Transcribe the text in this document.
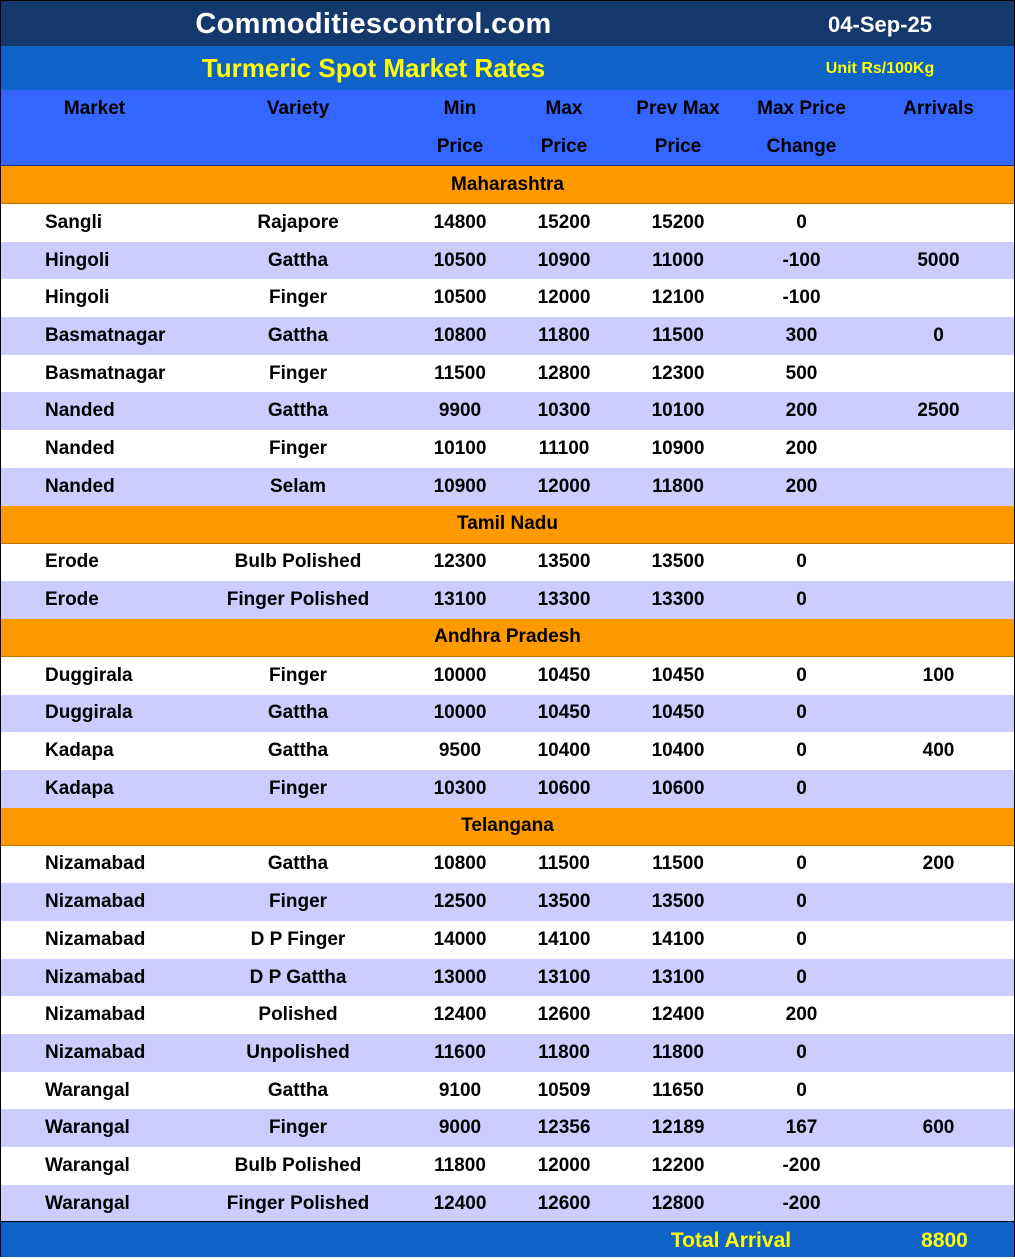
Commoditiescontrol.com	04-Sep-25
Turmeric Spot Market Rates	Unit Rs/100Kg
Market	Variety	Min	Max	Prev Max	Max Price	Arrivals
		Price	Price	Price	Change	
Maharashtra						
Sangli	Rajapore	14800	15200	15200	0	
Hingoli	Gattha	10500	10900	11000	-100	5000
Hingoli	Finger	10500	12000	12100	-100	
Basmatnagar	Gattha	10800	11800	11500	300	0
Basmatnagar	Finger	11500	12800	12300	500	
Nanded	Gattha	9900	10300	10100	200	2500
Nanded	Finger	10100	11100	10900	200	
Nanded	Selam	10900	12000	11800	200	
Tamil Nadu						
Erode	Bulb Polished	12300	13500	13500	0	
Erode	Finger Polished	13100	13300	13300	0	
Andhra Pradesh						
Duggirala	Finger	10000	10450	10450	0	100
Duggirala	Gattha	10000	10450	10450	0	
Kadapa	Gattha	9500	10400	10400	0	400
Kadapa	Finger	10300	10600	10600	0	
Telangana						
Nizamabad	Gattha	10800	11500	11500	0	200
Nizamabad	Finger	12500	13500	13500	0	
Nizamabad	D P Finger	14000	14100	14100	0	
Nizamabad	D P Gattha	13000	13100	13100	0	
Nizamabad	Polished	12400	12600	12400	200	
Nizamabad	Unpolished	11600	11800	11800	0	
Warangal	Gattha	9100	10509	11650	0	
Warangal	Finger	9000	12356	12189	167	600
Warangal	Bulb Polished	11800	12000	12200	-200	
Warangal	Finger Polished	12400	12600	12800	-200	
Total Arrival	8800
